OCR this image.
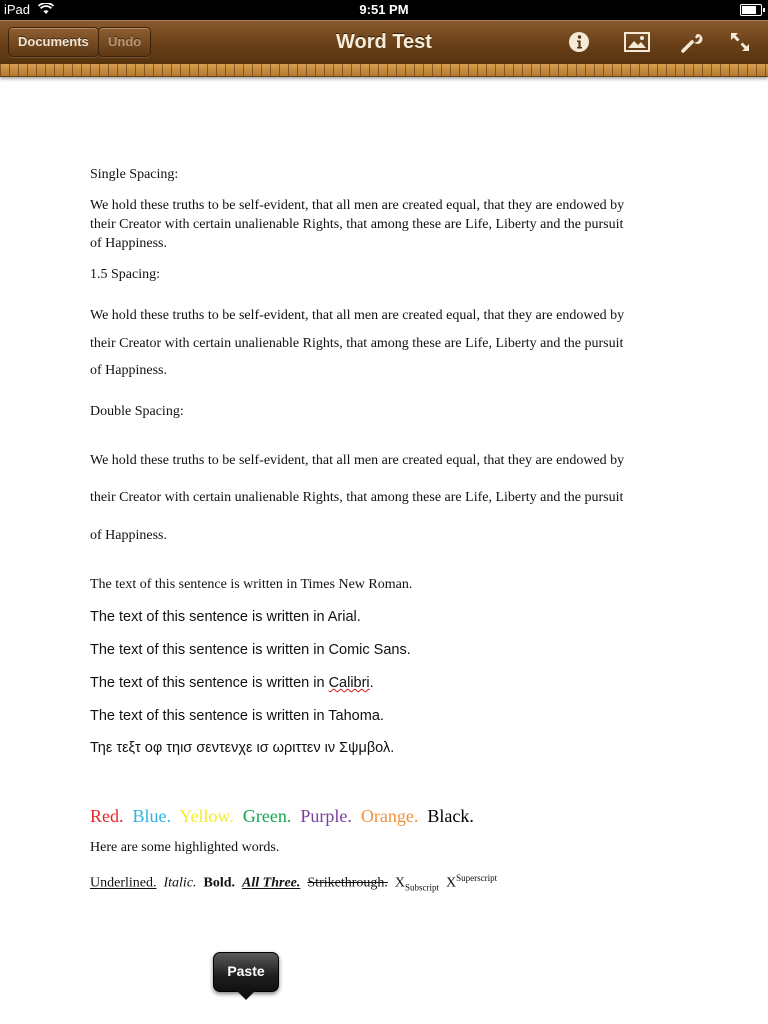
iPad	9:51 PM
Documents	Undo	Word Test
Single Spacing:
We hold these truths to be self-evident, that all men are created equal, that they are endowed by
their Creator with certain unalienable Rights, that among these are Life, Liberty and the pursuit
of Happiness.
1.5 Spacing:
We hold these truths to be self-evident, that all men are created equal, that they are endowed by
their Creator with certain unalienable Rights, that among these are Life, Liberty and the pursuit
of Happiness.
Double Spacing:
We hold these truths to be self-evident, that all men are created equal, that they are endowed by
their Creator with certain unalienable Rights, that among these are Life, Liberty and the pursuit
of Happiness.
The text of this sentence is written in Times New Roman.
The text of this sentence is written in Arial.
The text of this sentence is written in Comic Sans.
The text of this sentence is written in Calibri.
The text of this sentence is written in Tahoma.
Τηε τεξτ οφ τηισ σεντενχε ισ ωριττεν ιν Σψμβολ.
Red. Blue. Yellow. Green. Purple. Orange. Black.
Here are some highlighted words.
Underlined. Italic. Bold. All Three. Strikethrough. $X_{Subscript}$ $X^{Superscript}$
Paste
